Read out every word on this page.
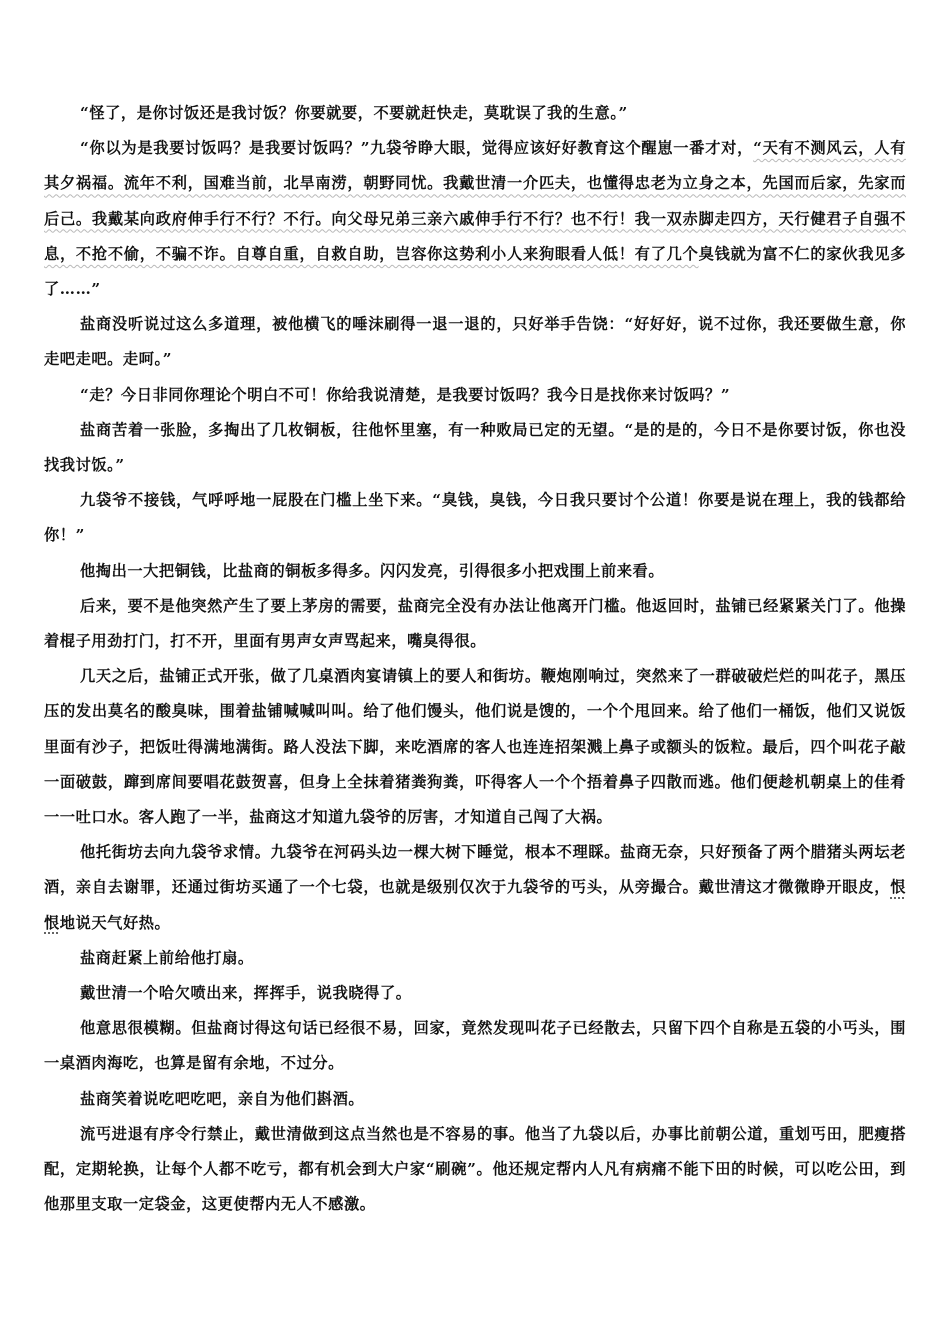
“怪了，是你讨饭还是我讨饭？你要就要，不要就赶快走，莫耽误了我的生意。”

“你以为是我要讨饭吗？是我要讨饭吗？”九袋爷睁大眼，觉得应该好好教育这个醒崽一番才对，“天有不测风云，人有其夕祸福。流年不利，国难当前，北旱南涝，朝野同忧。我戴世清一介匹夫，也懂得忠老为立身之本，先国而后家，先家而后己。我戴某向政府伸手行不行？不行。向父母兄弟三亲六戚伸手行不行？也不行！我一双赤脚走四方，天行健君子自强不息，不抢不偷，不骗不诈。自尊自重，自救自助，岂容你这势利小人来狗眼看人低！有了几个臭钱就为富不仁的家伙我见多了……”

盐商没听说过这么多道理，被他横飞的唾沫刷得一退一退的，只好举手告饶：“好好好，说不过你，我还要做生意，你走吧走吧。走呵。”

“走？今日非同你理论个明白不可！你给我说清楚，是我要讨饭吗？我今日是找你来讨饭吗？”

盐商苦着一张脸，多掏出了几枚铜板，往他怀里塞，有一种败局已定的无望。“是的是的，今日不是你要讨饭，你也没找我讨饭。”

九袋爷不接钱，气呼呼地一屁股在门槛上坐下来。“臭钱，臭钱，今日我只要讨个公道！你要是说在理上，我的钱都给你！”

他掏出一大把铜钱，比盐商的铜板多得多。闪闪发亮，引得很多小把戏围上前来看。

后来，要不是他突然产生了要上茅房的需要，盐商完全没有办法让他离开门槛。他返回时，盐铺已经紧紧关门了。他操着棍子用劲打门，打不开，里面有男声女声骂起来，嘴臭得很。

几天之后，盐铺正式开张，做了几桌酒肉宴请镇上的要人和街坊。鞭炮刚响过，突然来了一群破破烂烂的叫花子，黑压压的发出莫名的酸臭味，围着盐铺喊喊叫叫。给了他们馒头，他们说是馊的，一个个甩回来。给了他们一桶饭，他们又说饭里面有沙子，把饭吐得满地满街。路人没法下脚，来吃酒席的客人也连连招架溅上鼻子或额头的饭粒。最后，四个叫花子敲一面破鼓，蹿到席间要唱花鼓贺喜，但身上全抹着猪粪狗粪，吓得客人一个个捂着鼻子四散而逃。他们便趁机朝桌上的佳肴一一吐口水。客人跑了一半，盐商这才知道九袋爷的厉害，才知道自己闯了大祸。

他托街坊去向九袋爷求情。九袋爷在河码头边一棵大树下睡觉，根本不理睬。盐商无奈，只好预备了两个腊猪头两坛老酒，亲自去谢罪，还通过街坊买通了一个七袋，也就是级别仅次于九袋爷的丐头，从旁撮合。戴世清这才微微睁开眼皮，恨恨地说天气好热。

盐商赶紧上前给他打扇。

戴世清一个哈欠喷出来，挥挥手，说我晓得了。

他意思很模糊。但盐商讨得这句话已经很不易，回家，竟然发现叫花子已经散去，只留下四个自称是五袋的小丐头，围一桌酒肉海吃，也算是留有余地，不过分。

盐商笑着说吃吧吃吧，亲自为他们斟酒。

流丐进退有序令行禁止，戴世清做到这点当然也是不容易的事。他当了九袋以后，办事比前朝公道，重划丐田，肥瘦搭配，定期轮换，让每个人都不吃亏，都有机会到大户家“刷碗”。他还规定帮内人凡有病痛不能下田的时候，可以吃公田，到他那里支取一定袋金，这更使帮内无人不感激。
